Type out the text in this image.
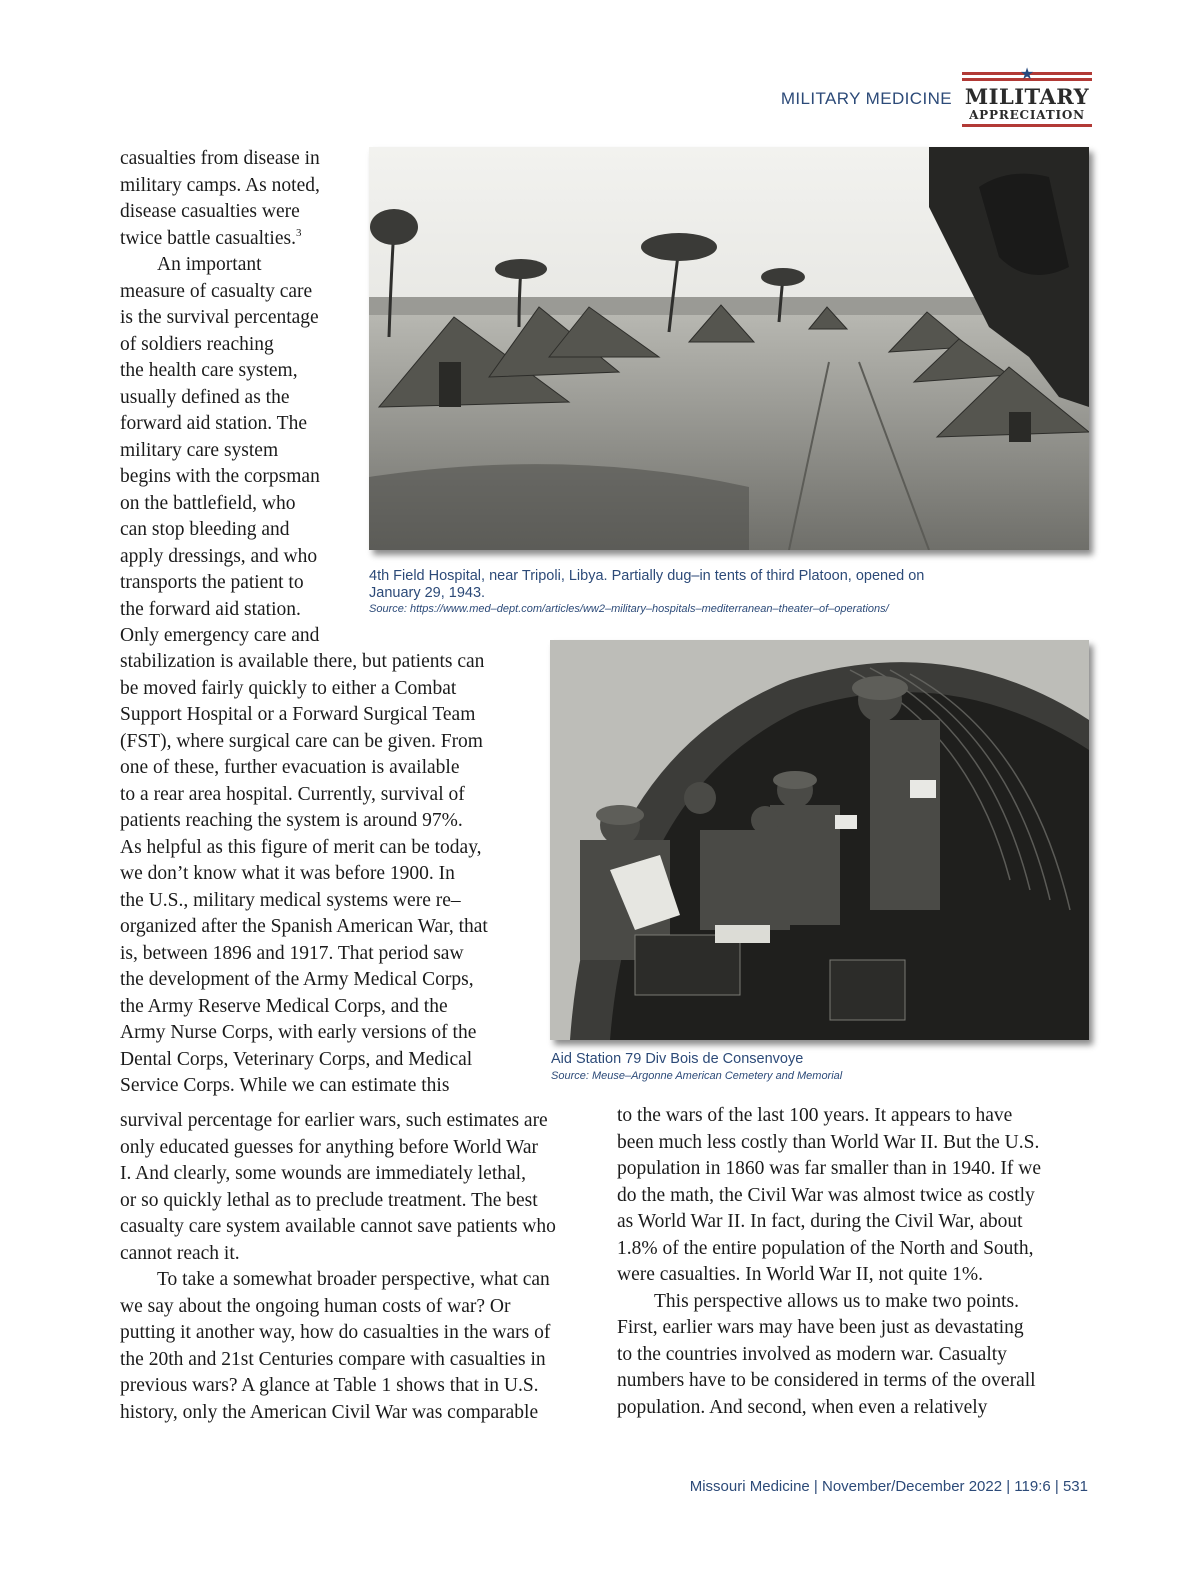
MILITARY MEDICINE
★
MILITARY
APPRECIATION
casualties from disease in
military camps. As noted,
disease casualties were
twice battle casualties.$^3$
An important
measure of casualty care
is the survival percentage
of soldiers reaching
the health care system,
usually defined as the
forward aid station. The
military care system
begins with the corpsman
on the battlefield, who
can stop bleeding and
apply dressings, and who
transports the patient to
the forward aid station.
Only emergency care and
stabilization is available there, but patients can
be moved fairly quickly to either a Combat
Support Hospital or a Forward Surgical Team
(FST), where surgical care can be given. From
one of these, further evacuation is available
to a rear area hospital. Currently, survival of
patients reaching the system is around 97%.
As helpful as this figure of merit can be today,
we don’t know what it was before 1900. In
the U.S., military medical systems were re–
organized after the Spanish American War, that
is, between 1896 and 1917. That period saw
the development of the Army Medical Corps,
the Army Reserve Medical Corps, and the
Army Nurse Corps, with early versions of the
Dental Corps, Veterinary Corps, and Medical
Service Corps. While we can estimate this
survival percentage for earlier wars, such estimates are
only educated guesses for anything before World War
I. And clearly, some wounds are immediately lethal,
or so quickly lethal as to preclude treatment. The best
casualty care system available cannot save patients who
cannot reach it.
To take a somewhat broader perspective, what can
we say about the ongoing human costs of war? Or
putting it another way, how do casualties in the wars of
the 20th and 21st Centuries compare with casualties in
previous wars? A glance at Table 1 shows that in U.S.
history, only the American Civil War was comparable
to the wars of the last 100 years. It appears to have
been much less costly than World War II. But the U.S.
population in 1860 was far smaller than in 1940. If we
do the math, the Civil War was almost twice as costly
as World War II. In fact, during the Civil War, about
1.8% of the entire population of the North and South,
were casualties. In World War II, not quite 1%.
This perspective allows us to make two points.
First, earlier wars may have been just as devastating
to the countries involved as modern war. Casualty
numbers have to be considered in terms of the overall
population. And second, when even a relatively
4th Field Hospital, near Tripoli, Libya. Partially dug–in tents of third Platoon, opened on
January 29, 1943.
Source: https://www.med–dept.com/articles/ww2–military–hospitals–mediterranean–theater–of–operations/
Aid Station 79 Div Bois de Consenvoye
Source: Meuse–Argonne American Cemetery and Memorial
Missouri Medicine | November/December 2022 | 119:6 | 531
